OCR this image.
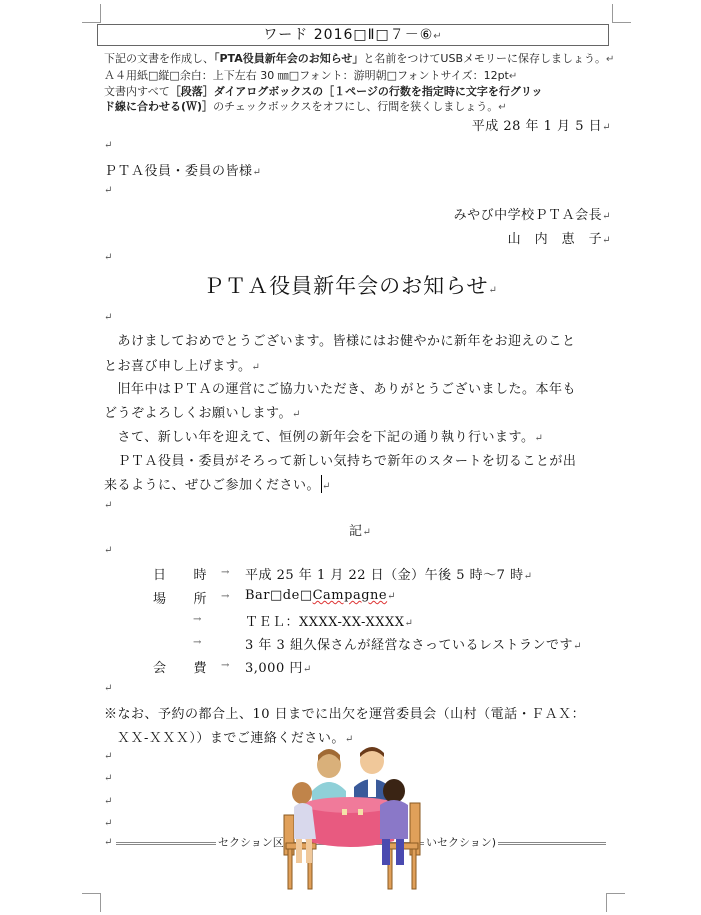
ワード 2016□Ⅱ□７－⑥↵
下記の文書を作成し、「PTA役員新年会のお知らせ」と名前をつけてUSBメモリーに保存しましょう。↵
Ａ４用紙□縦□余白：上下左右 30 ㎜□フォント：游明朝□フォントサイズ：12pt↵
文書内すべて［段落］ダイアログボックスの［１ページの行数を指定時に文字を行グリッ
ド線に合わせる(Ｗ)］のチェックボックスをオフにし、行間を狭くしましょう。↵
平成 28 年 1 月 5 日↵
↵
ＰＴＡ役員・委員の皆様↵
↵
みやび中学校ＰＴＡ会長↵
山　内　恵　子↵
↵
ＰＴＡ役員新年会のお知らせ↵
↵
　あけましておめでとうございます。皆様にはお健やかに新年をお迎えのこと
とお喜び申し上げます。↵
　旧年中はＰＴＡの運営にご協力いただき、ありがとうございました。本年も
どうぞよろしくお願いします。↵
　さて、新しい年を迎えて、恒例の新年会を下記の通り執り行います。↵
　ＰＴＡ役員・委員がそろって新しい気持ちで新年のスタートを切ることが出
来るように、ぜひご参加ください。 ↵
↵
記↵
↵
日　　時 → 平成 25 年 1 月 22 日（金）午後 5 時～7 時↵
場　　所 → Bar□de□Campagne↵
→	ＴＥＬ：XXXX-XX-XXXX↵
→	3 年 3 組久保さんが経営なさっているレストランです↵
会　　費 → 3,000 円↵
↵
※なお、予約の都合上、10 日までに出欠を運営委員会（山村（電話・ＦＡＸ：
ＸＸ-ＸＸＸ））までご連絡ください。↵
↵
↵
↵
↵
↵	セクション区	いセクション)
